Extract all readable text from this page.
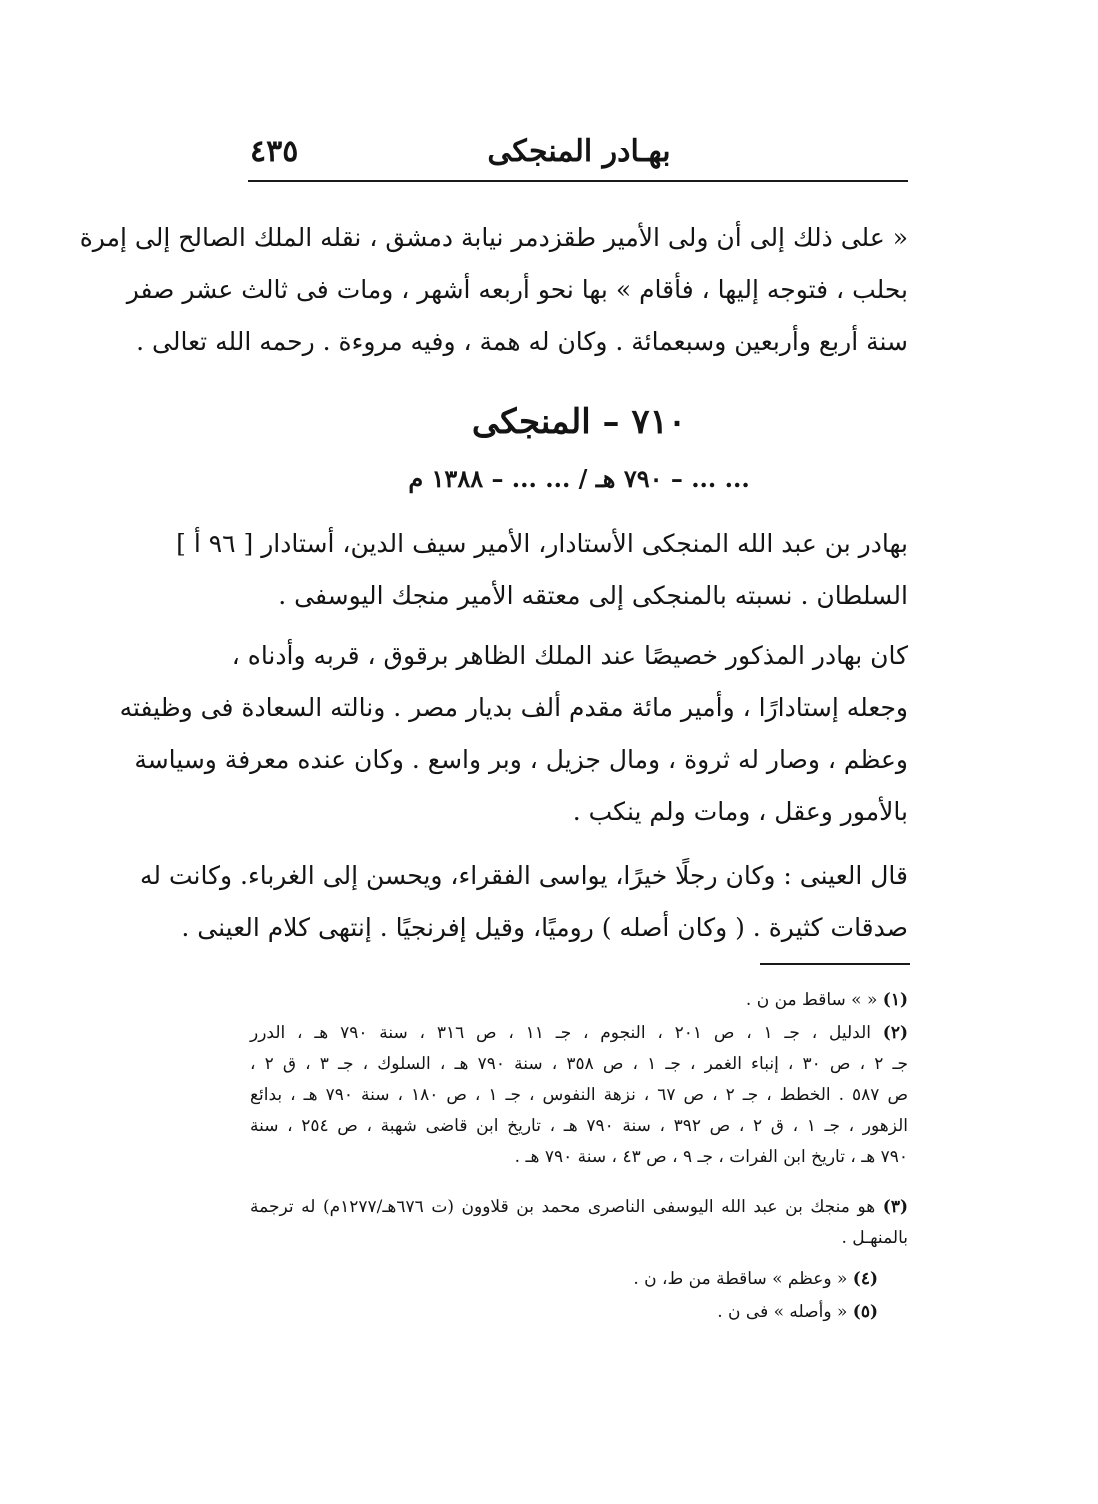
بهـادر المنجكى
٤٣٥
« على ذلك إلى أن ولى الأمير طقزدمر نيابة دمشق ، نقله الملك الصالح إلى إمرة
بحلب ، فتوجه إليها ، فأقام » بها نحو أربعه أشهر ، ومات فى ثالث عشر صفر
سنة أربع وأربعين وسبعمائة . وكان له همة ، وفيه مروءة . رحمه الله تعالى .
٧١٠ – المنجكى
... ... – ٧٩٠ هـ / ... ... – ١٣٨٨ م
بهادر بن عبد الله المنجكى الأستادار، الأمير سيف الدين، أستادار [ ٩٦ أ ]
السلطان . نسبته بالمنجكى إلى معتقه الأمير منجك اليوسفى .
كان بهادر المذكور خصيصًا عند الملك الظاهر برقوق ، قربه وأدناه ،
وجعله إستادارًا ، وأمير مائة مقدم ألف بديار مصر . ونالته السعادة فى وظيفته
وعظم ، وصار له ثروة ، ومال جزيل ، وبر واسع . وكان عنده معرفة وسياسة
بالأمور وعقل ، ومات ولم ينكب .
قال العينى : وكان رجلًا خيرًا، يواسى الفقراء، ويحسن إلى الغرباء. وكانت له
صدقات كثيرة . ( وكان أصله ) روميًا، وقيل إفرنجيًا . إنتهى كلام العينى .
(١) « » ساقط من ن .
(٢) الدليل ، جـ ١ ، ص ٢٠١ ، النجوم ، جـ ١١ ، ص ٣١٦ ، سنة ٧٩٠ هـ ، الدرر
جـ ٢ ، ص ٣٠ ، إنباء الغمر ، جـ ١ ، ص ٣٥٨ ، سنة ٧٩٠ هـ ، السلوك ، جـ ٣ ، ق ٢ ،
ص ٥٨٧ . الخطط ، جـ ٢ ، ص ٦٧ ، نزهة النفوس ، جـ ١ ، ص ١٨٠ ، سنة ٧٩٠ هـ ، بدائع
الزهور ، جـ ١ ، ق ٢ ، ص ٣٩٢ ، سنة ٧٩٠ هـ ، تاريخ ابن قاضى شهبة ، ص ٢٥٤ ، سنة
٧٩٠ هـ ، تاريخ ابن الفرات ، جـ ٩ ، ص ٤٣ ، سنة ٧٩٠ هـ .
(٣) هو منجك بن عبد الله اليوسفى الناصرى محمد بن قلاوون (ت ٦٧٦هـ/١٢٧٧م) له ترجمة
بالمنهـل .
(٤) « وعظم » ساقطة من ط، ن .
(٥) « وأصله » فى ن .
